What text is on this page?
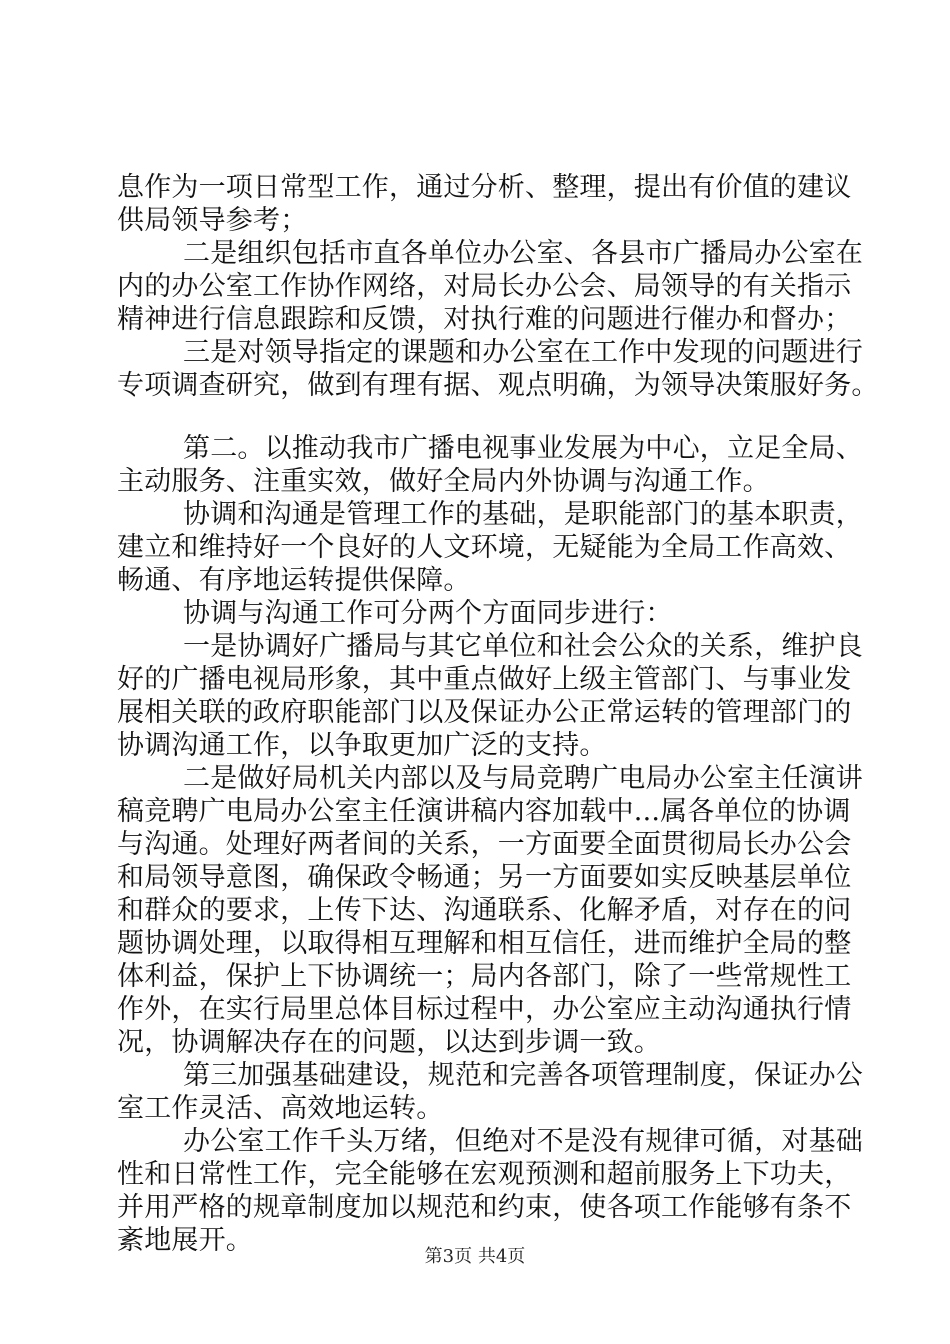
息作为一项日常型工作，通过分析、整理，提出有价值的建议
供局领导参考；
二是组织包括市直各单位办公室、各县市广播局办公室在
内的办公室工作协作网络，对局长办公会、局领导的有关指示
精神进行信息跟踪和反馈，对执行难的问题进行催办和督办；
三是对领导指定的课题和办公室在工作中发现的问题进行
专项调查研究，做到有理有据、观点明确，为领导决策服好务。
第二。以推动我市广播电视事业发展为中心，立足全局、
主动服务、注重实效，做好全局内外协调与沟通工作。
协调和沟通是管理工作的基础，是职能部门的基本职责，
建立和维持好一个良好的人文环境，无疑能为全局工作高效、
畅通、有序地运转提供保障。
协调与沟通工作可分两个方面同步进行：
一是协调好广播局与其它单位和社会公众的关系，维护良
好的广播电视局形象，其中重点做好上级主管部门、与事业发
展相关联的政府职能部门以及保证办公正常运转的管理部门的
协调沟通工作，以争取更加广泛的支持。
二是做好局机关内部以及与局竞聘广电局办公室主任演讲
稿竞聘广电局办公室主任演讲稿内容加载中...属各单位的协调
与沟通。处理好两者间的关系，一方面要全面贯彻局长办公会
和局领导意图，确保政令畅通；另一方面要如实反映基层单位
和群众的要求，上传下达、沟通联系、化解矛盾，对存在的问
题协调处理，以取得相互理解和相互信任，进而维护全局的整
体利益，保护上下协调统一；局内各部门，除了一些常规性工
作外，在实行局里总体目标过程中，办公室应主动沟通执行情
况，协调解决存在的问题，以达到步调一致。
第三加强基础建设，规范和完善各项管理制度，保证办公
室工作灵活、高效地运转。
办公室工作千头万绪，但绝对不是没有规律可循，对基础
性和日常性工作，完全能够在宏观预测和超前服务上下功夫，
并用严格的规章制度加以规范和约束，使各项工作能够有条不
紊地展开。
第3页 共4页
